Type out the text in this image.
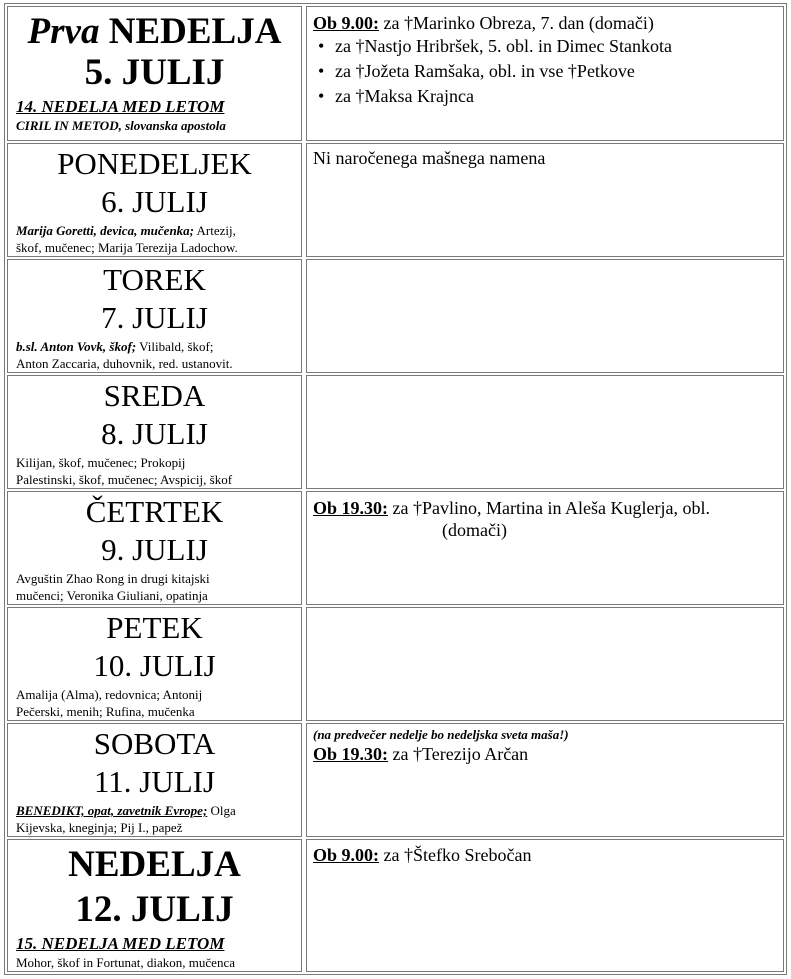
Prva NEDELJA
5. JULIJ
14. NEDELJA MED LETOM
CIRIL IN METOD, slovanska apostola
Ob 9.00: za †Marinko Obreza, 7. dan (domači)
• za †Nastjo Hribršek, 5. obl. in Dimec Stankota
• za †Jožeta Ramšaka, obl. in vse †Petkove
• za †Maksa Krajnca
PONEDELJEK
6. JULIJ
Marija Goretti, devica, mučenka; Artezij,
škof, mučenec; Marija Terezija Ladochow.
Ni naročenega mašnega namena
TOREK
7. JULIJ
b.sl. Anton Vovk, škof; Vilibald, škof;
Anton Zaccaria, duhovnik, red. ustanovit.
SREDA
8. JULIJ
Kilijan, škof, mučenec; Prokopij
Palestinski, škof, mučenec; Avspicij, škof
ČETRTEK
9. JULIJ
Avguštin Zhao Rong in drugi kitajski
mučenci; Veronika Giuliani, opatinja
Ob 19.30: za †Pavlino, Martina in Aleša Kuglerja, obl.
(domači)
PETEK
10. JULIJ
Amalija (Alma), redovnica; Antonij
Pečerski, menih; Rufina, mučenka
SOBOTA
11. JULIJ
BENEDIKT, opat, zavetnik Evrope; Olga
Kijevska, kneginja; Pij I., papež
(na predvečer nedelje bo nedeljska sveta maša!)
Ob 19.30: za †Terezijo Arčan
NEDELJA
12. JULIJ
15. NEDELJA MED LETOM
Mohor, škof in Fortunat, diakon, mučenca
Ob 9.00: za †Štefko Srebočan
